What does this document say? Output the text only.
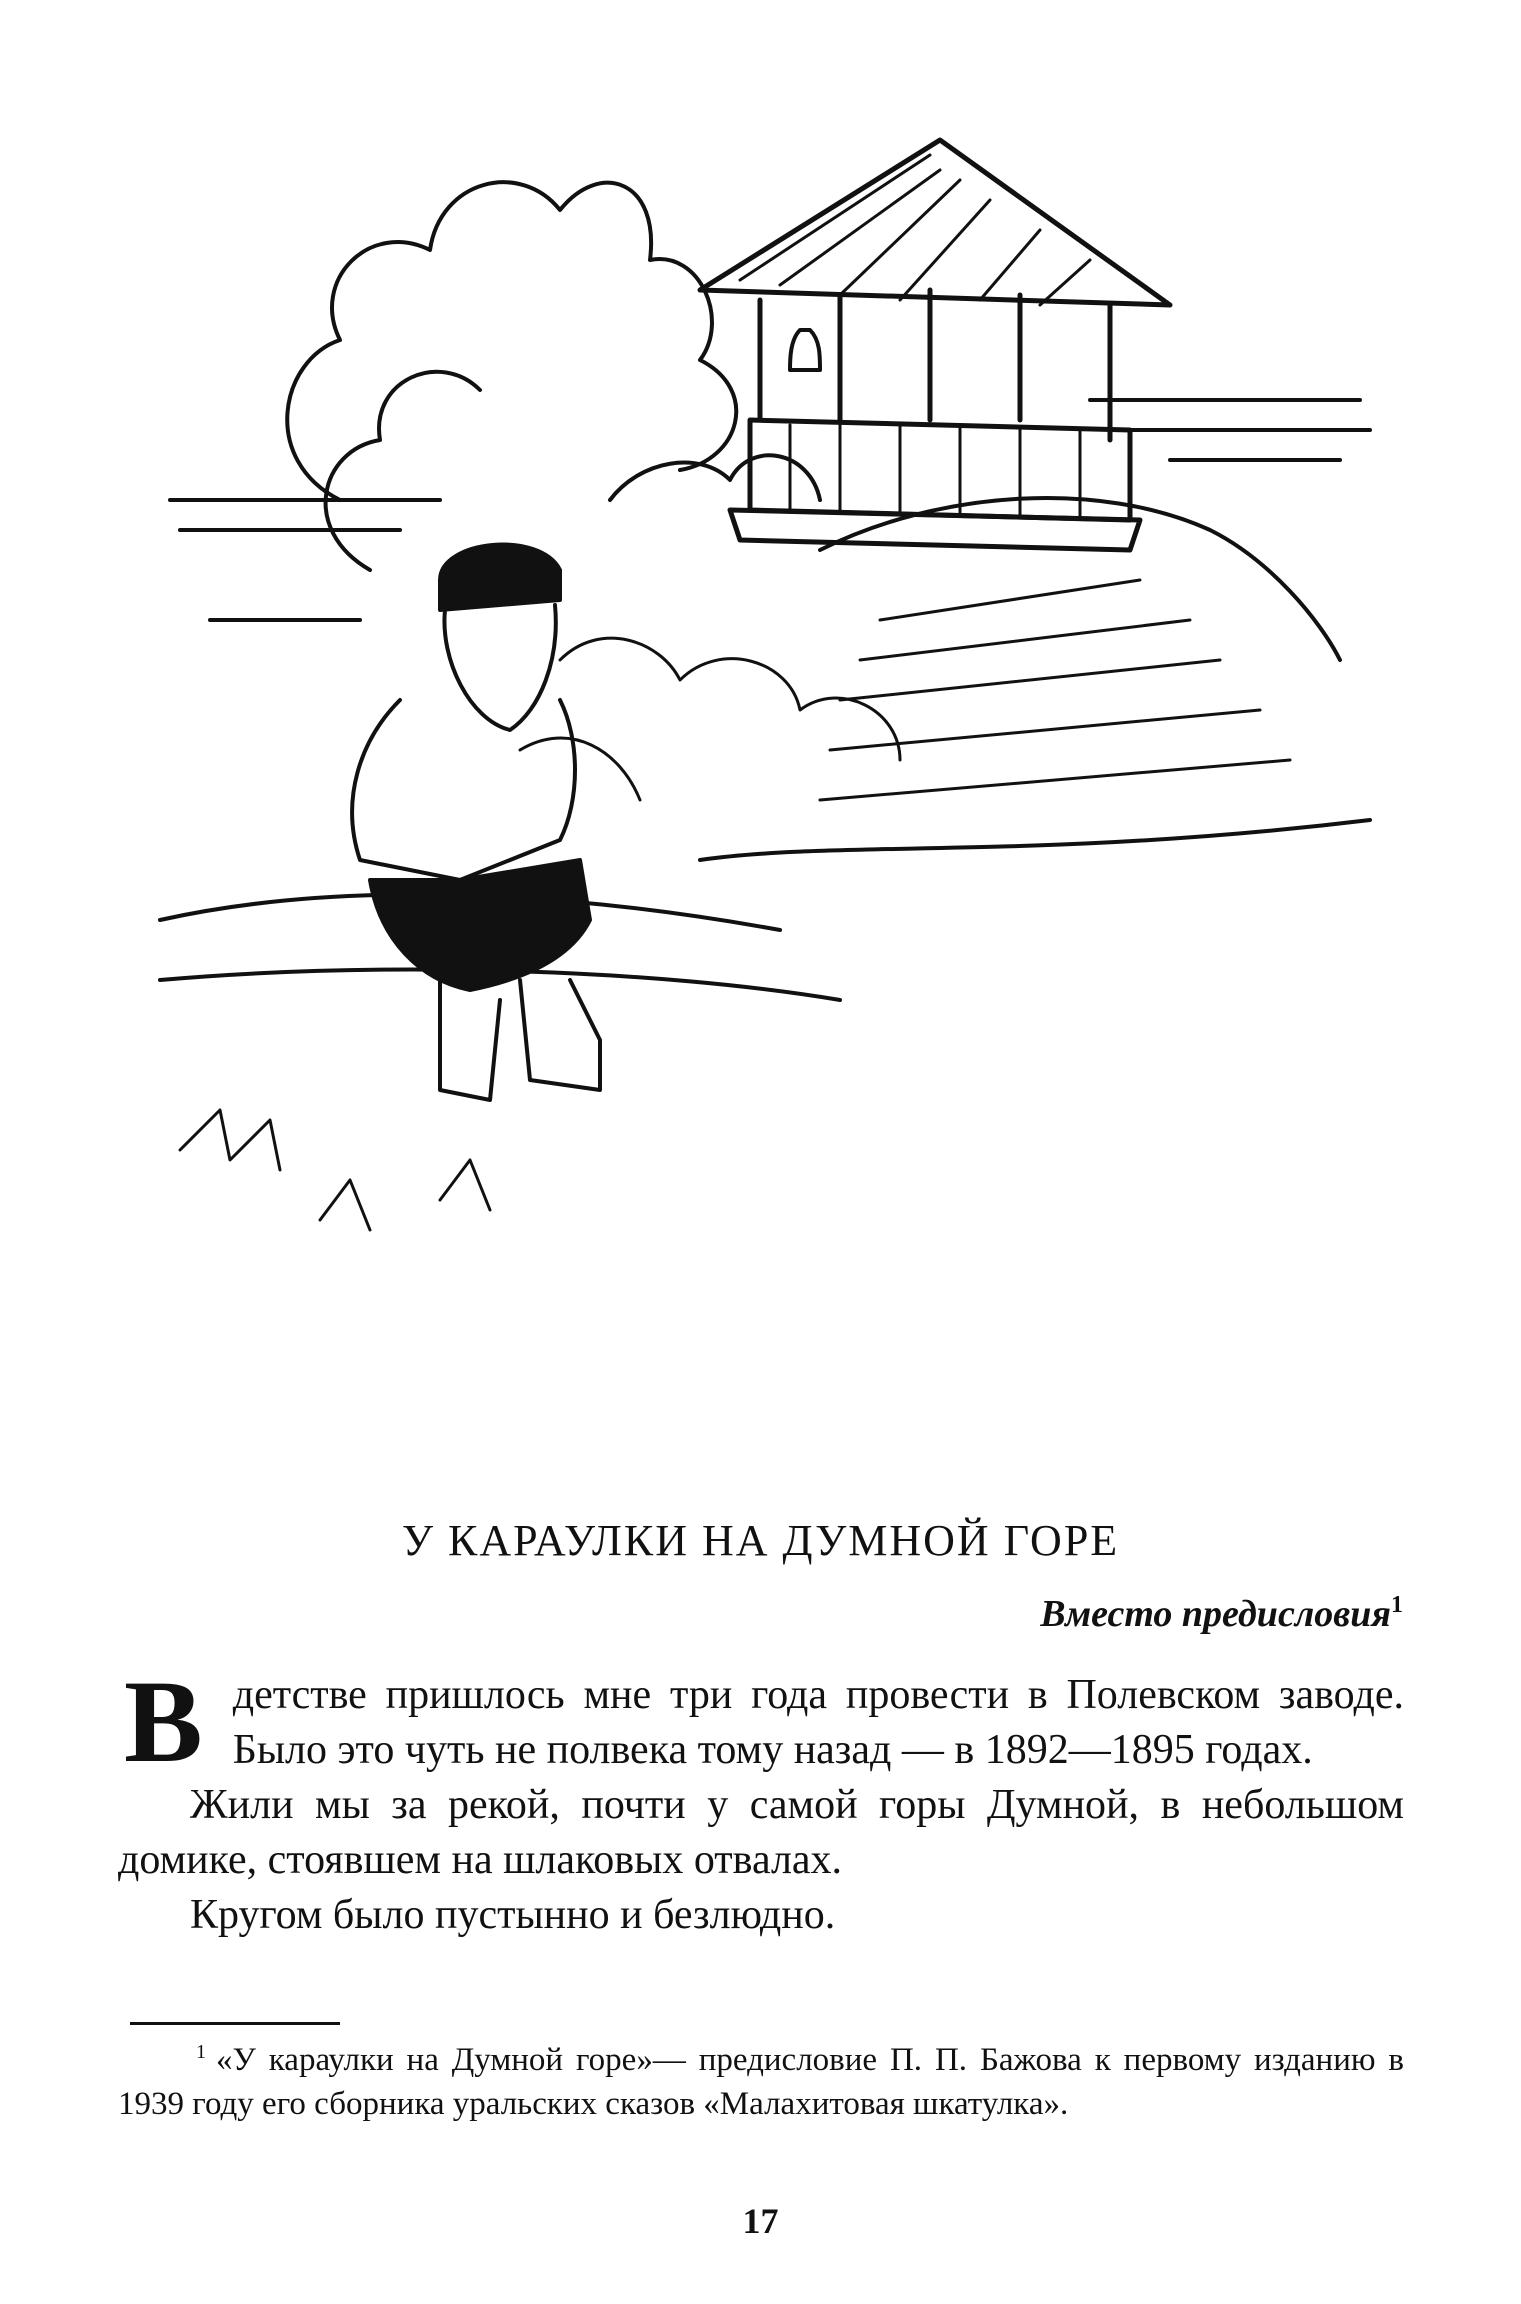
У КАРАУЛКИ НА ДУМНОЙ ГОРЕ
Вместо предисловия$^1$

Вдетстве пришлось мне три года провести в Полевском заводе. Было это чуть не полвека тому назад — в 1892—1895 годах.

Жили мы за рекой, почти у самой горы Думной, в небольшом домике, стоявшем на шлаковых отвалах.

Кругом было пустынно и безлюдно.

$^1$ «У караулки на Думной горе»— предисловие П. П. Бажова к первому изданию в 1939 году его сборника уральских сказов «Малахитовая шкатулка».
17
